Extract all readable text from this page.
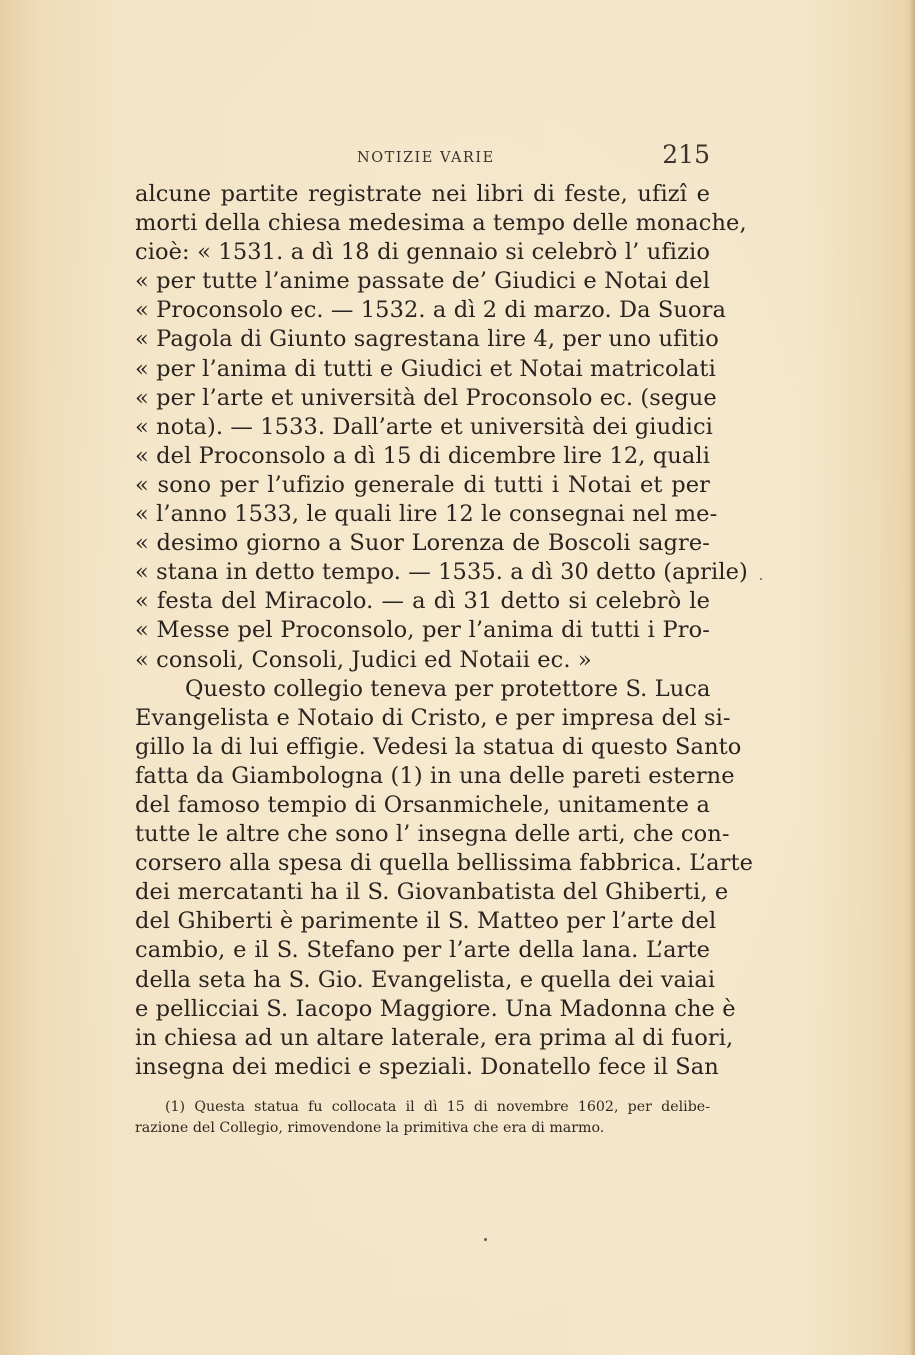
NOTIZIE VARIE	215
alcune partite registrate nei libri di feste, ufizî e
morti della chiesa medesima a tempo delle monache,
cioè: « 1531. a dì 18 di gennaio si celebrò l’ ufizio
« per tutte l’anime passate de’ Giudici e Notai del
« Proconsolo ec. — 1532. a dì 2 di marzo. Da Suora
« Pagola di Giunto sagrestana lire 4, per uno ufitio
« per l’anima di tutti e Giudici et Notai matricolati
« per l’arte et università del Proconsolo ec. (segue
« nota). — 1533. Dall’arte et università dei giudici
« del Proconsolo a dì 15 di dicembre lire 12, quali
« sono per l’ufizio generale di tutti i Notai et per
« l’anno 1533, le quali lire 12 le consegnai nel me-
« desimo giorno a Suor Lorenza de Boscoli sagre-
« stana in detto tempo. — 1535. a dì 30 detto (aprile)
« festa del Miracolo. — a dì 31 detto si celebrò le
« Messe pel Proconsolo, per l’anima di tutti i Pro-
« consoli, Consoli, Judici ed Notaii ec. »
Questo collegio teneva per protettore S. Luca
Evangelista e Notaio di Cristo, e per impresa del si-
gillo la di lui effigie. Vedesi la statua di questo Santo
fatta da Giambologna (1) in una delle pareti esterne
del famoso tempio di Orsanmichele, unitamente a
tutte le altre che sono l’ insegna delle arti, che con-
corsero alla spesa di quella bellissima fabbrica. L’arte
dei mercatanti ha il S. Giovanbatista del Ghiberti, e
del Ghiberti è parimente il S. Matteo per l’arte del
cambio, e il S. Stefano per l’arte della lana. L’arte
della seta ha S. Gio. Evangelista, e quella dei vaiai
e pellicciai S. Iacopo Maggiore. Una Madonna che è
in chiesa ad un altare laterale, era prima al di fuori,
insegna dei medici e speziali. Donatello fece il San
(1) Questa statua fu collocata il dì 15 di novembre 1602, per delibe-
razione del Collegio, rimovendone la primitiva che era di marmo.
